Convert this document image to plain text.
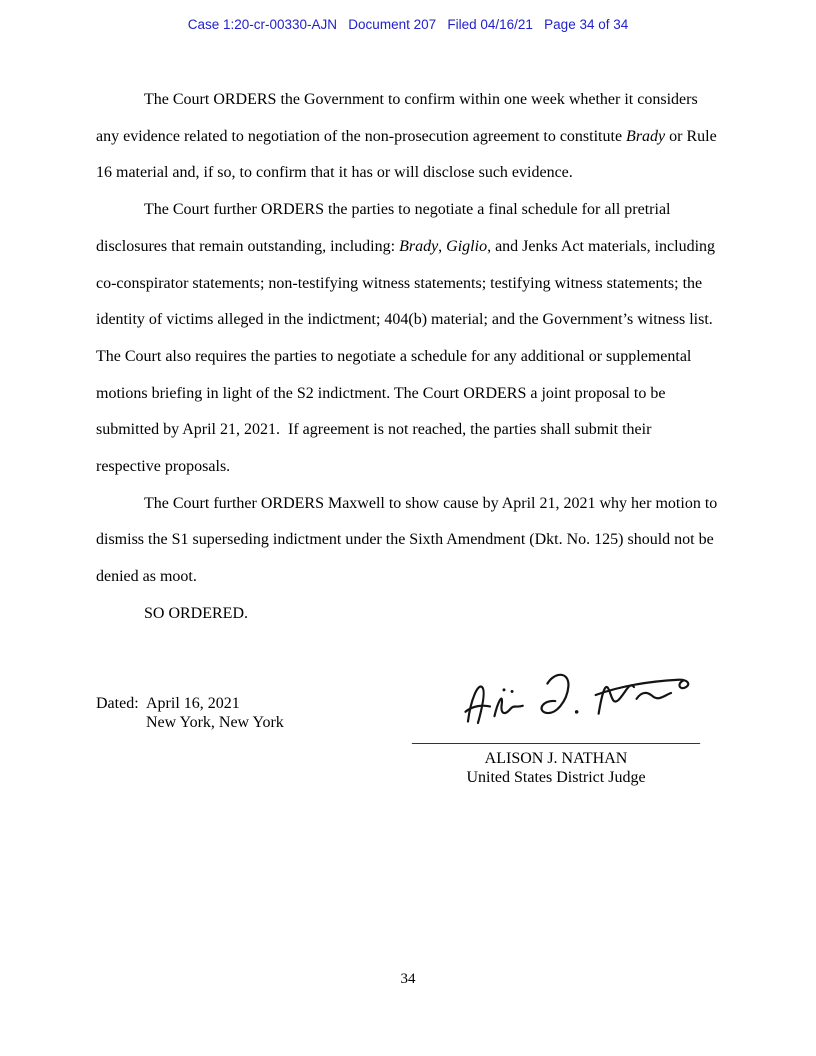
Case 1:20-cr-00330-AJN   Document 207   Filed 04/16/21   Page 34 of 34

The Court ORDERS the Government to confirm within one week whether it considers any evidence related to negotiation of the non-prosecution agreement to constitute Brady or Rule 16 material and, if so, to confirm that it has or will disclose such evidence.

The Court further ORDERS the parties to negotiate a final schedule for all pretrial disclosures that remain outstanding, including: Brady, Giglio, and Jenks Act materials, including co-conspirator statements; non-testifying witness statements; testifying witness statements; the identity of victims alleged in the indictment; 404(b) material; and the Government’s witness list. The Court also requires the parties to negotiate a schedule for any additional or supplemental motions briefing in light of the S2 indictment. The Court ORDERS a joint proposal to be submitted by April 21, 2021.  If agreement is not reached, the parties shall submit their respective proposals.

The Court further ORDERS Maxwell to show cause by April 21, 2021 why her motion to dismiss the S1 superseding indictment under the Sixth Amendment (Dkt. No. 125) should not be denied as moot.

SO ORDERED.

Dated: April 16, 2021
New York, New York
____________________________________
ALISON J. NATHAN
United States District Judge
34
